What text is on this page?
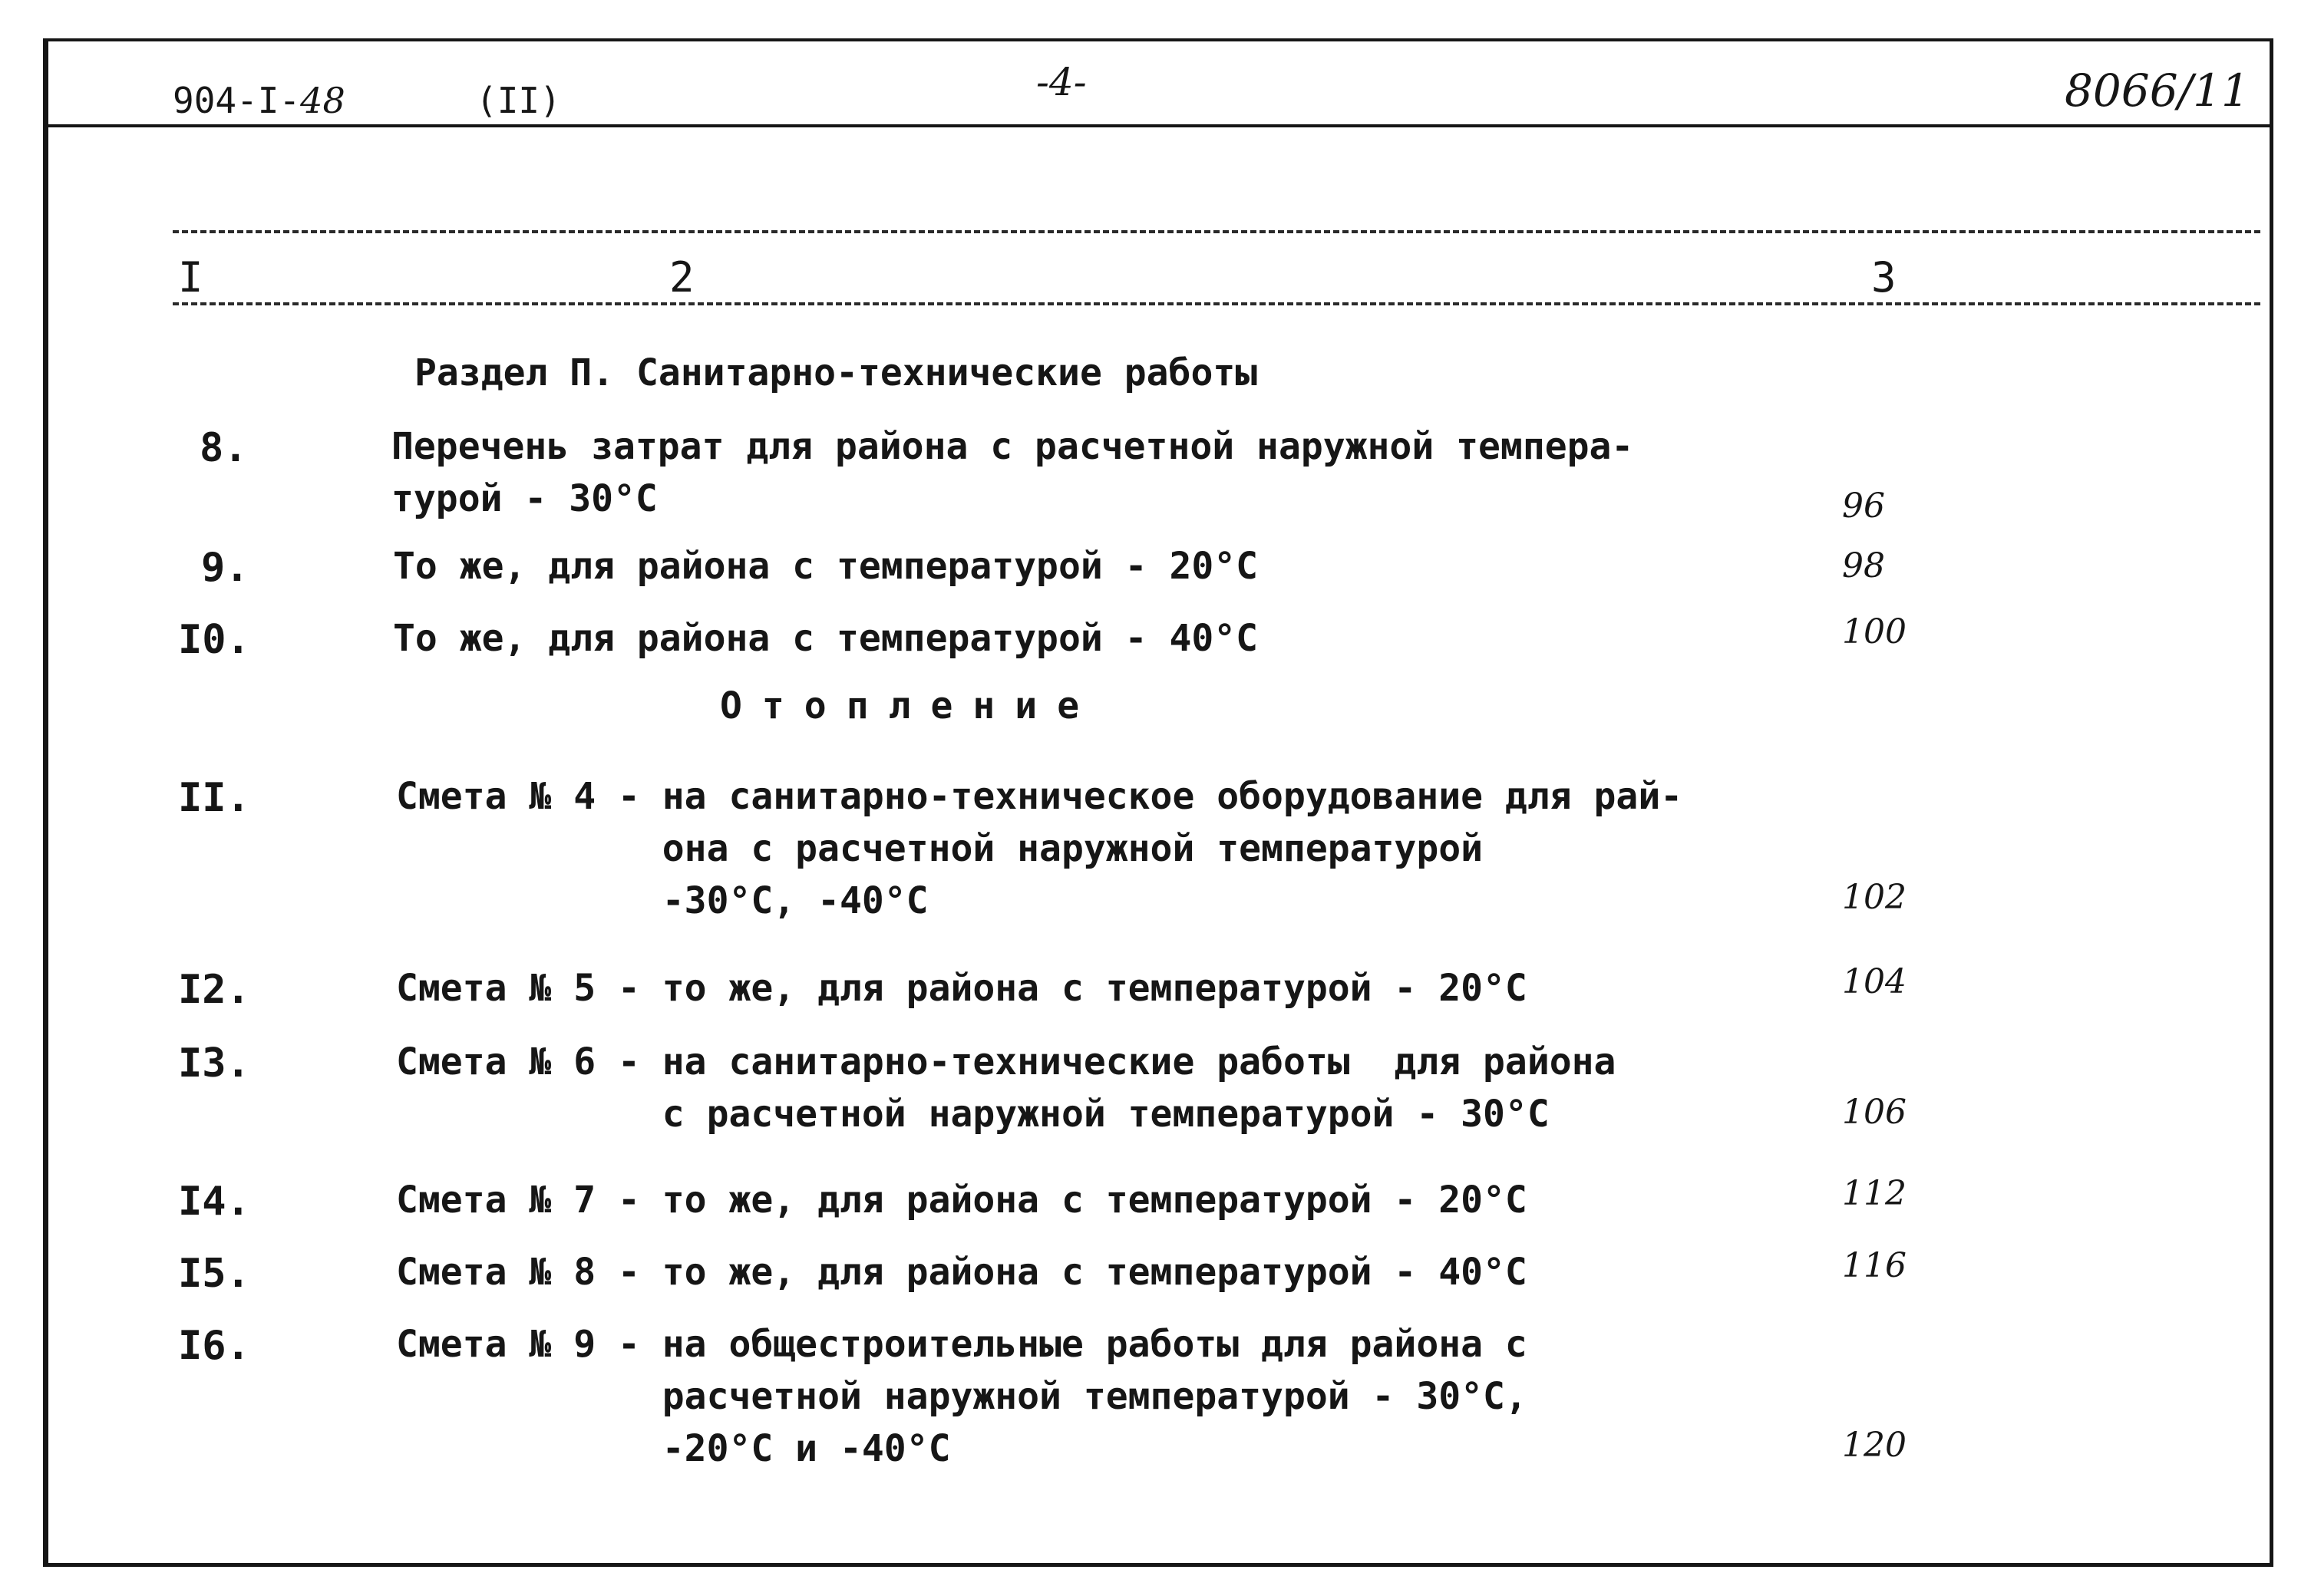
904-I-48	(II)	-4-	8066/11
I	2	3
Раздел П. Санитарно-технические работы
8.	Перечень затрат для района с расчетной наружной темпера-
турой - 30°С	96
9.	То же, для района с температурой - 20°С	98
I0.	То же, для района с температурой - 40°С	100
Отопление
II.	Смета № 4 - на санитарно-техническое оборудование для рай-
она с расчетной наружной температурой
-30°С, -40°С	102
I2.	Смета № 5 - то же, для района с температурой - 20°С	104
I3.	Смета № 6 - на санитарно-технические работы  для района
с расчетной наружной температурой - 30°С	106
I4.	Смета № 7 - то же, для района с температурой - 20°С	112
I5.	Смета № 8 - то же, для района с температурой - 40°С	116
I6.	Смета № 9 - на общестроительные работы для района с
расчетной наружной температурой - 30°С,
-20°С и -40°С	120
